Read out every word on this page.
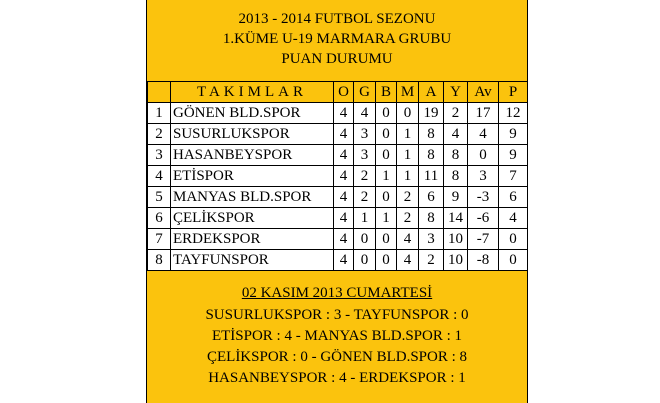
2013 - 2014 FUTBOL SEZONU
1.KÜME U-19 MARMARA GRUBU
PUAN DURUMU
	TAKIMLAR	O	G	B	M	A	Y	Av	P
1	GÖNEN BLD.SPOR	4	4	0	0	19	2	17	12
2	SUSURLUKSPOR	4	3	0	1	8	4	4	9
3	HASANBEYSPOR	4	3	0	1	8	8	0	9
4	ETİSPOR	4	2	1	1	11	8	3	7
5	MANYAS BLD.SPOR	4	2	0	2	6	9	-3	6
6	ÇELİKSPOR	4	1	1	2	8	14	-6	4
7	ERDEKSPOR	4	0	0	4	3	10	-7	0
8	TAYFUNSPOR	4	0	0	4	2	10	-8	0
02 KASIM 2013 CUMARTESİ
SUSURLUKSPOR : 3 - TAYFUNSPOR : 0
ETİSPOR : 4 - MANYAS BLD.SPOR : 1
ÇELİKSPOR : 0 - GÖNEN BLD.SPOR : 8
HASANBEYSPOR : 4 - ERDEKSPOR : 1
